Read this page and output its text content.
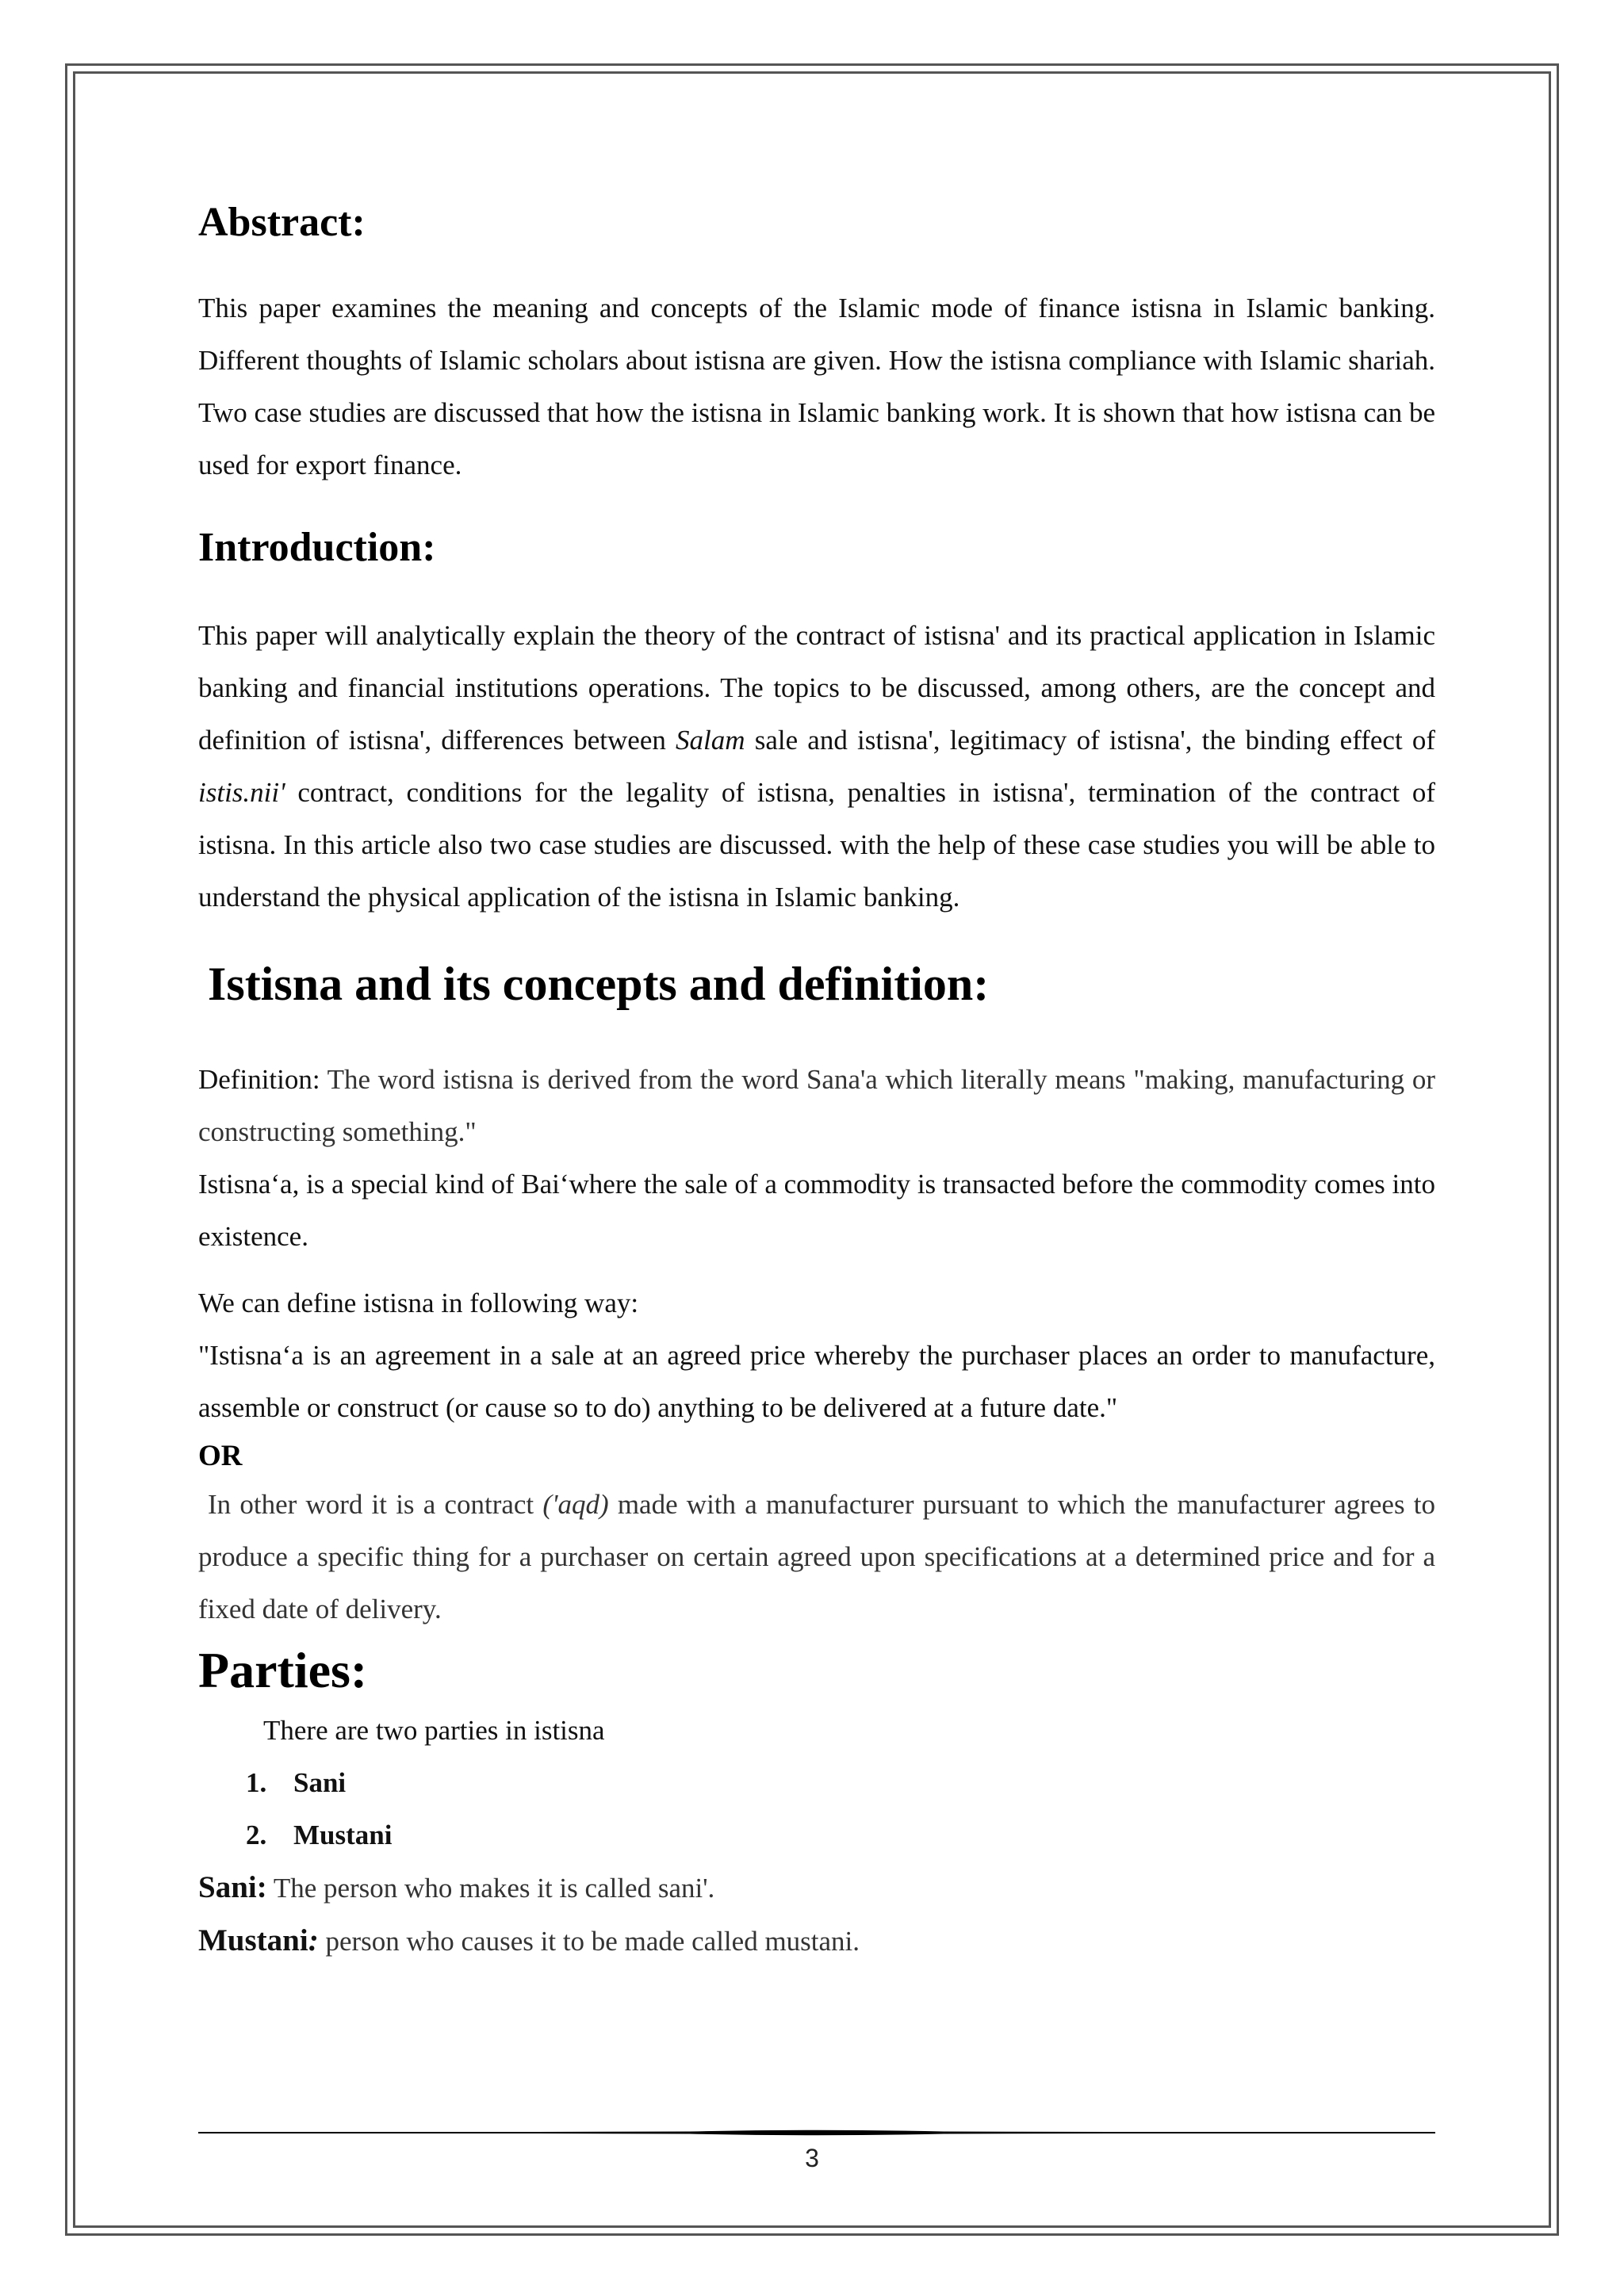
Abstract:

This paper examines the meaning and concepts of the Islamic mode of finance istisna in Islamic banking. Different thoughts of Islamic scholars about istisna are given. How the istisna compliance with Islamic shariah. Two case studies are discussed that how the istisna in Islamic banking work. It is shown that how istisna can be used for export finance.

Introduction:

This paper will analytically explain the theory of the contract of istisna' and its practical application in Islamic banking and financial institutions operations. The topics to be discussed, among others, are the concept and definition of istisna', differences between Salam sale and istisna', legitimacy of istisna', the binding effect of istis.nii' contract, conditions for the legality of istisna, penalties in istisna', termination of the contract of istisna. In this article also two case studies are discussed. with the help of these case studies you will be able to understand the physical application of the istisna in Islamic banking.

Istisna and its concepts and definition:

Definition: The word istisna is derived from the word Sana'a which literally means "making, manufacturing or constructing something."

Istisna‘a, is a special kind of Bai‘where the sale of a commodity is transacted before the commodity comes into existence.

We can define istisna in following way:

"Istisna‘a is an agreement in a sale at an agreed price whereby the purchaser places an order to manufacture, assemble or construct (or cause so to do) anything to be delivered at a future date."

OR

In other word it is a contract ('aqd) made with a manufacturer pursuant to which the manufacturer agrees to produce a specific thing for a purchaser on certain agreed upon specifications at a determined price and for a fixed date of delivery.

Parties:
There are two parties in istisna
1. Sani
2. Mustani
Sani: The person who makes it is called sani'.
Mustani: person who causes it to be made called mustani.
3
